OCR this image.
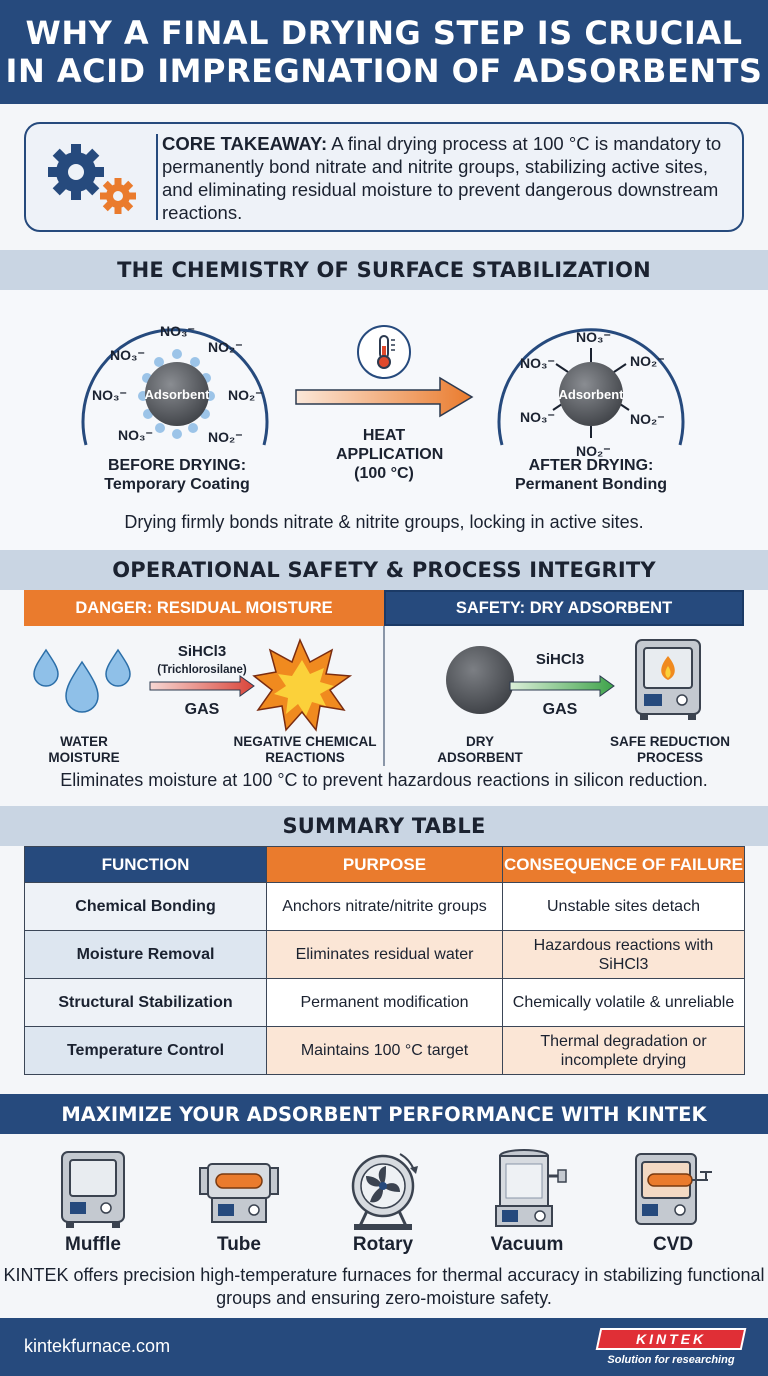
WHY A FINAL DRYING STEP IS CRUCIAL
IN ACID IMPREGNATION OF ADSORBENTS
CORE TAKEAWAY: A final drying process at 100 °C is mandatory to permanently bond nitrate and nitrite groups, stabilizing active sites, and eliminating residual moisture to prevent dangerous downstream reactions.
THE CHEMISTRY OF SURFACE STABILIZATION
Adsorbent
NO₃⁻
NO₃⁻	NO₂⁻
NO₃⁻	NO₂⁻
NO₃⁻	NO₂⁻
Adsorbent
NO₃⁻
NO₃⁻	NO₂⁻
NO₃⁻	NO₂⁻
NO₂⁻
HEAT
APPLICATION
(100 °C)
BEFORE DRYING:
Temporary Coating
AFTER DRYING:
Permanent Bonding
Drying firmly bonds nitrate & nitrite groups, locking in active sites.
OPERATIONAL SAFETY & PROCESS INTEGRITY
DANGER: RESIDUAL MOISTURE	SAFETY: DRY ADSORBENT
SiHCl3
(Trichlorosilane)
GAS
WATER
MOISTURE
NEGATIVE CHEMICAL
REACTIONS
SiHCl3
GAS
DRY
ADSORBENT
SAFE REDUCTION
PROCESS
Eliminates moisture at 100 °C to prevent hazardous reactions in silicon reduction.
SUMMARY TABLE
FUNCTION	PURPOSE	CONSEQUENCE OF FAILURE
Chemical Bonding	Anchors nitrate/nitrite groups	Unstable sites detach
Moisture Removal	Eliminates residual water	Hazardous reactions with SiHCl3
Structural Stabilization	Permanent modification	Chemically volatile & unreliable
Temperature Control	Maintains 100 °C target	Thermal degradation or incomplete drying
MAXIMIZE YOUR ADSORBENT PERFORMANCE WITH KINTEK
Muffle	Tube	Rotary	Vacuum	CVD
KINTEK offers precision high-temperature furnaces for thermal accuracy in stabilizing functional groups and ensuring zero-moisture safety.
kintekfurnace.com	KINTEK
Solution for researching
